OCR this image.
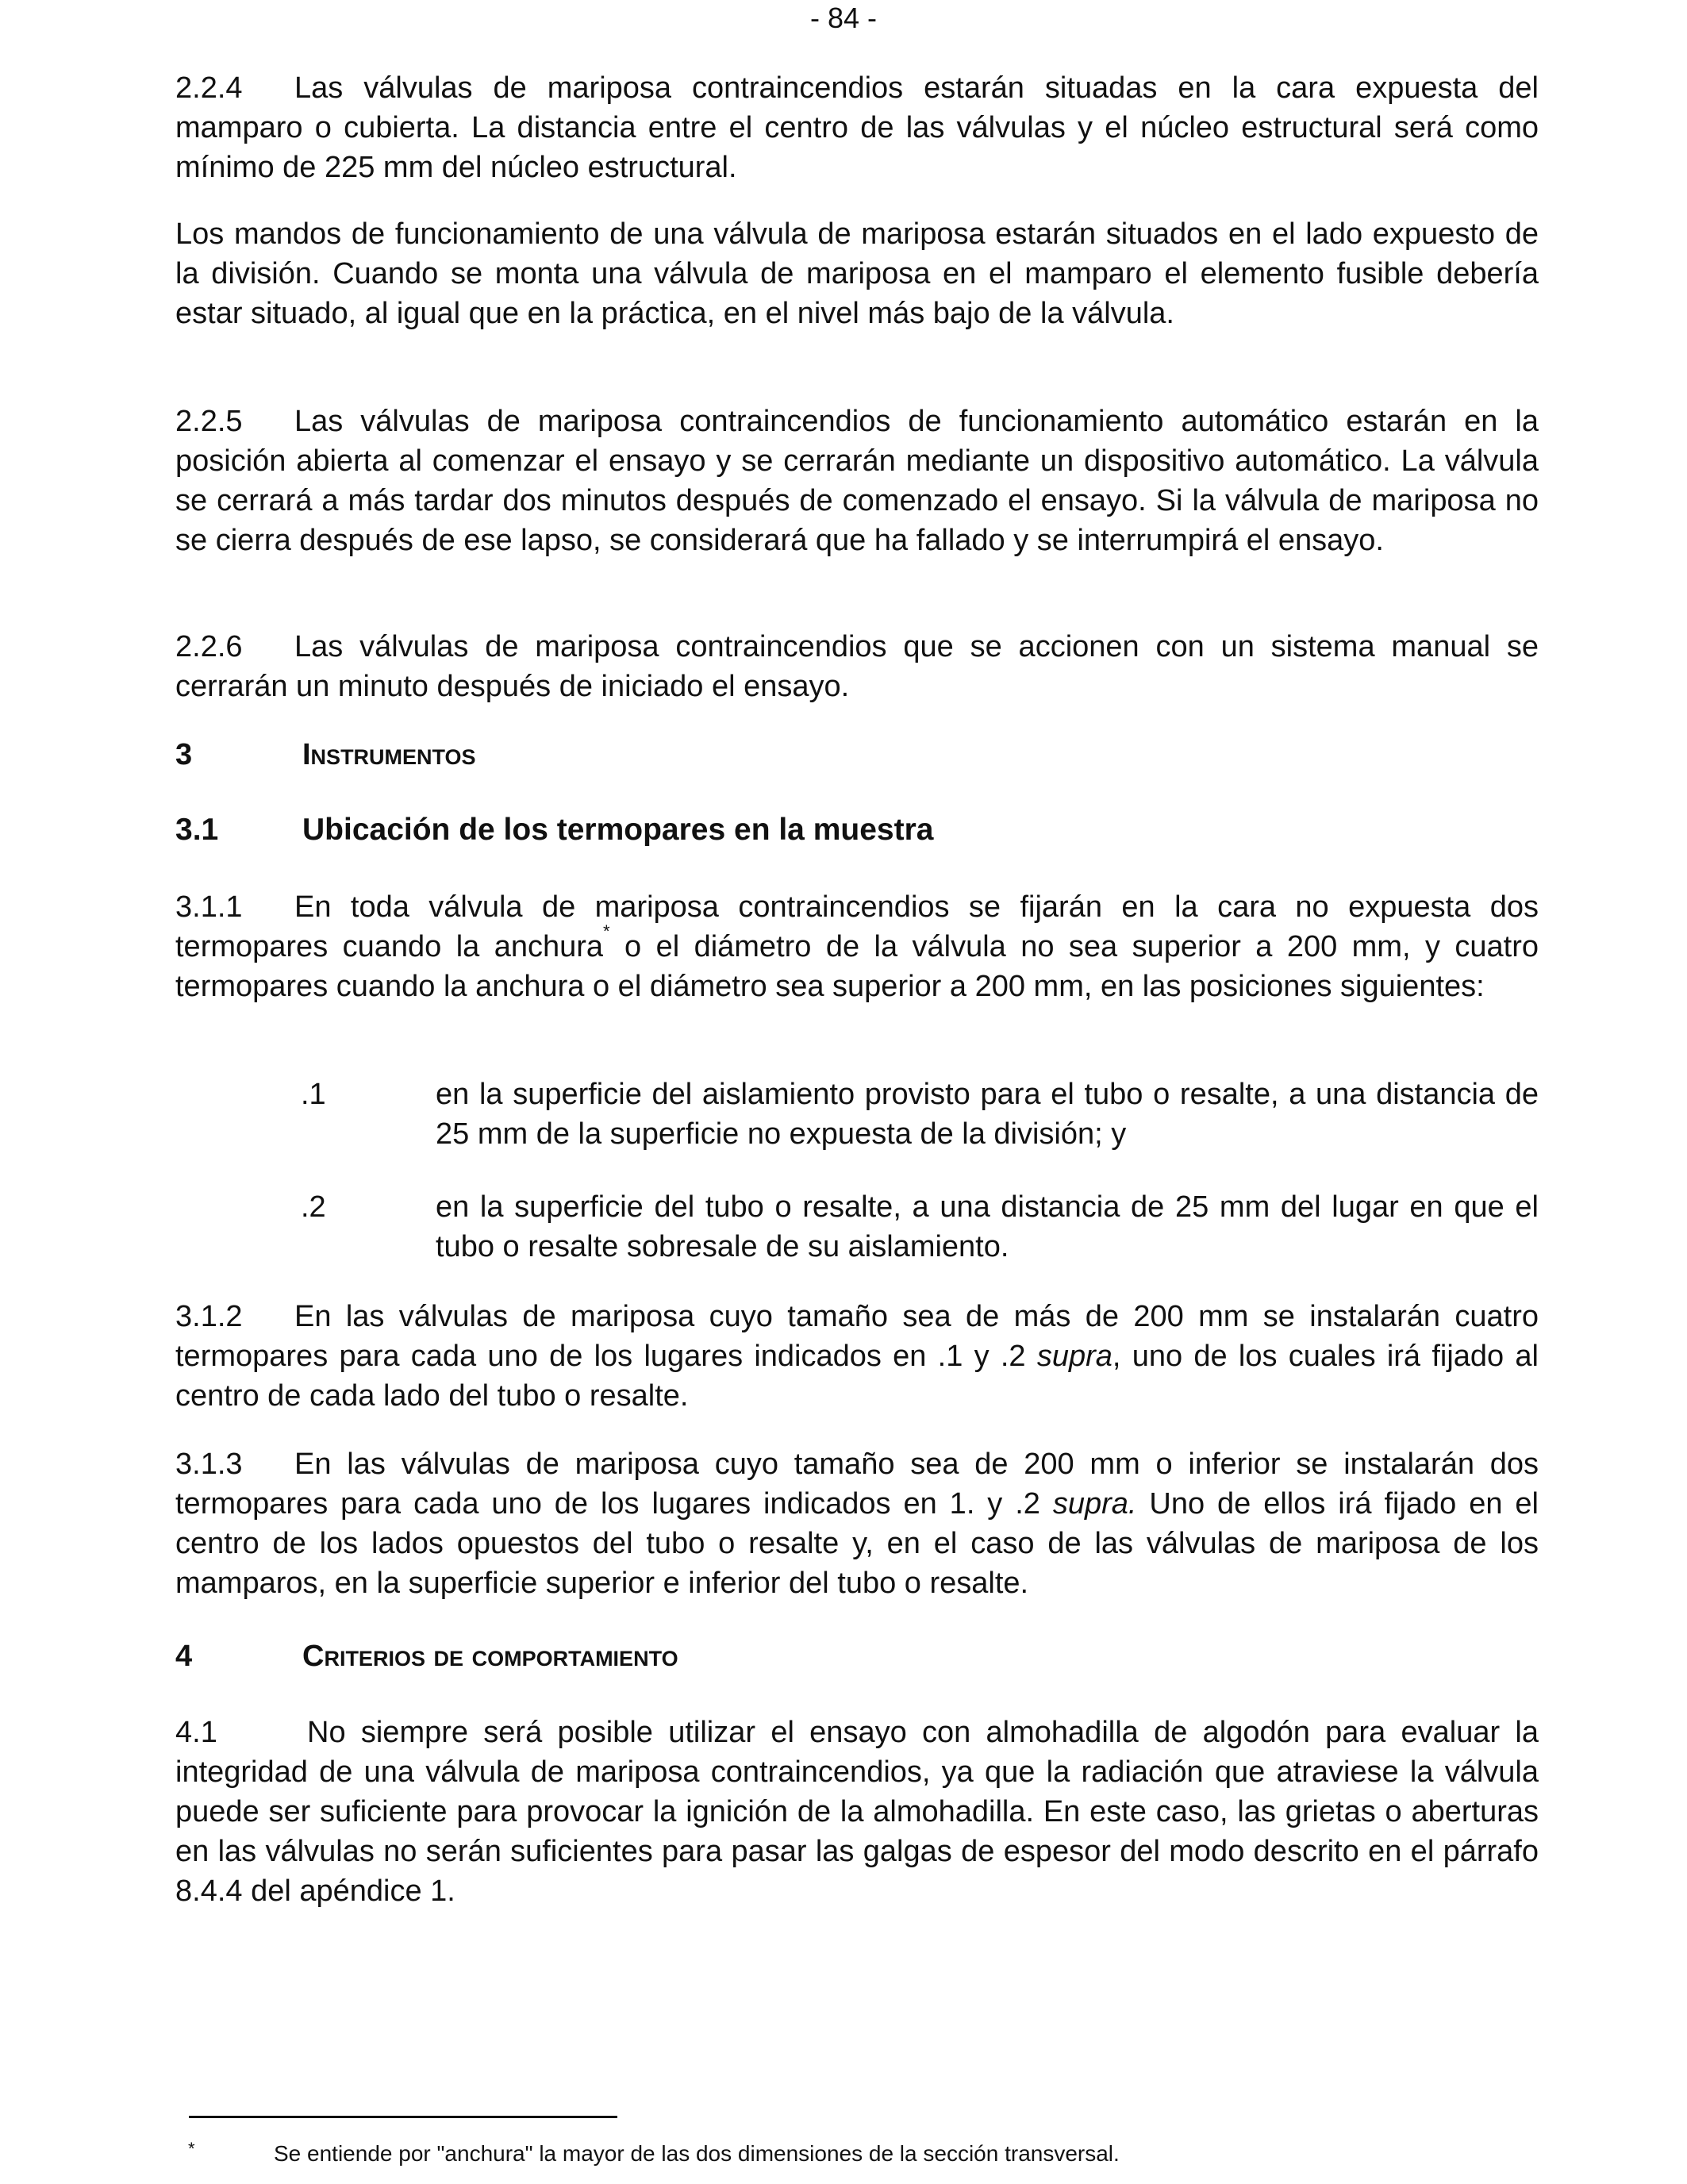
- 84 -
2.2.4 Las válvulas de mariposa contraincendios estarán situadas en la cara expuesta del mamparo o cubierta. La distancia entre el centro de las válvulas y el núcleo estructural será como mínimo de 225 mm del núcleo estructural.
Los mandos de funcionamiento de una válvula de mariposa estarán situados en el lado expuesto de la división. Cuando se monta una válvula de mariposa en el mamparo el elemento fusible debería estar situado, al igual que en la práctica, en el nivel más bajo de la válvula.
2.2.5 Las válvulas de mariposa contraincendios de funcionamiento automático estarán en la posición abierta al comenzar el ensayo y se cerrarán mediante un dispositivo automático. La válvula se cerrará a más tardar dos minutos después de comenzado el ensayo. Si la válvula de mariposa no se cierra después de ese lapso, se considerará que ha fallado y se interrumpirá el ensayo.
2.2.6 Las válvulas de mariposa contraincendios que se accionen con un sistema manual se cerrarán un minuto después de iniciado el ensayo.
3	Instrumentos
3.1	Ubicación de los termopares en la muestra
3.1.1 En toda válvula de mariposa contraincendios se fijarán en la cara no expuesta dos termopares cuando la anchura* o el diámetro de la válvula no sea superior a 200 mm, y cuatro termopares cuando la anchura o el diámetro sea superior a 200 mm, en las posiciones siguientes:
.1	en la superficie del aislamiento provisto para el tubo o resalte, a una distancia de 25 mm de la superficie no expuesta de la división; y
.2	en la superficie del tubo o resalte, a una distancia de 25 mm del lugar en que el tubo o resalte sobresale de su aislamiento.
3.1.2 En las válvulas de mariposa cuyo tamaño sea de más de 200 mm se instalarán cuatro termopares para cada uno de los lugares indicados en .1 y .2 supra, uno de los cuales irá fijado al centro de cada lado del tubo o resalte.
3.1.3 En las válvulas de mariposa cuyo tamaño sea de 200 mm o inferior se instalarán dos termopares para cada uno de los lugares indicados en 1. y .2 supra. Uno de ellos irá fijado en el centro de los lados opuestos del tubo o resalte y, en el caso de las válvulas de mariposa de los mamparos, en la superficie superior e inferior del tubo o resalte.
4	Criterios de comportamiento
4.1	No siempre será posible utilizar el ensayo con almohadilla de algodón para evaluar la integridad de una válvula de mariposa contraincendios, ya que la radiación que atraviese la válvula puede ser suficiente para provocar la ignición de la almohadilla. En este caso, las grietas o aberturas en las válvulas no serán suficientes para pasar las galgas de espesor del modo descrito en el párrafo 8.4.4 del apéndice 1.
*	Se entiende por "anchura" la mayor de las dos dimensiones de la sección transversal.
